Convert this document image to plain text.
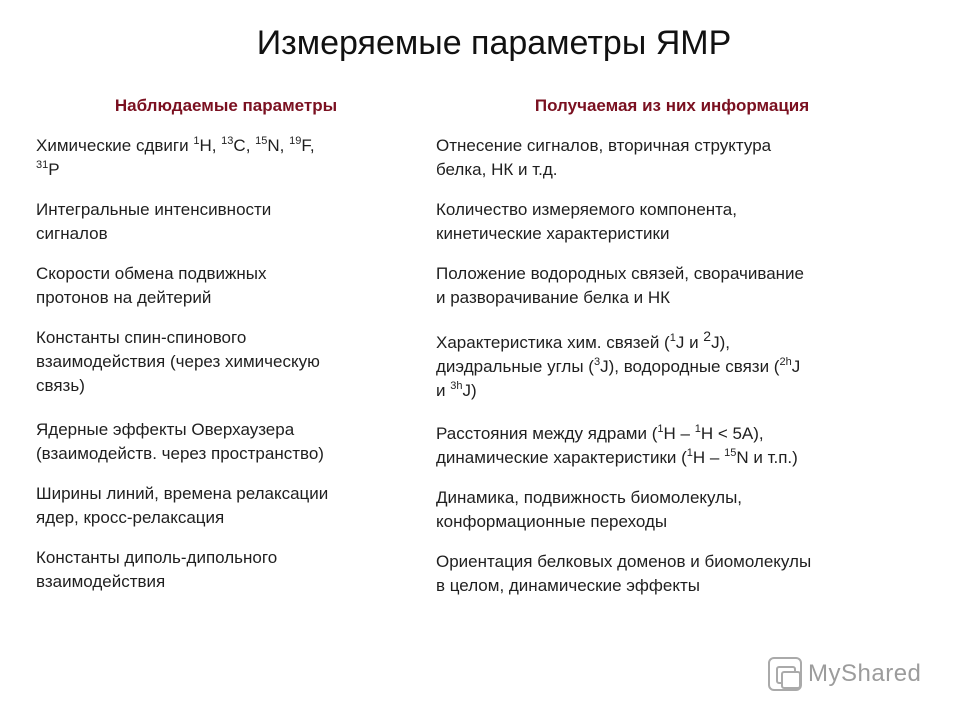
Измеряемые параметры ЯМР
Наблюдаемые параметры	Получаемая из них информация
Химические сдвиги $^1$H, $^{13}$C, $^{15}$N, $^{19}$F,
$^{31}$P
Отнесение сигналов, вторичная структура
белка, НК и т.д.
Интегральные интенсивности
сигналов
Количество измеряемого компонента,
кинетические характеристики
Скорости обмена подвижных
протонов на дейтерий
Положение водородных связей, сворачивание
и разворачивание белка и НК
Константы спин-спинового
взаимодействия (через химическую
связь)
Характеристика хим. связей ($^1$J и $^2$J),
диэдральные углы ($^3$J), водородные связи ($^{2h}$J
и $^{3h}$J)
Ядерные эффекты Оверхаузера
(взаимодейств. через пространство)
Расстояния между ядрами ($^1$H – $^1$H < 5A),
динамические характеристики ($^1$H – $^{15}$N и т.п.)
Ширины линий, времена релаксации
ядер, кросс-релаксация
Динамика, подвижность биомолекулы,
конформационные переходы
Константы диполь-дипольного
взаимодействия
Ориентация белковых доменов и биомолекулы
в целом, динамические эффекты
MyShared
